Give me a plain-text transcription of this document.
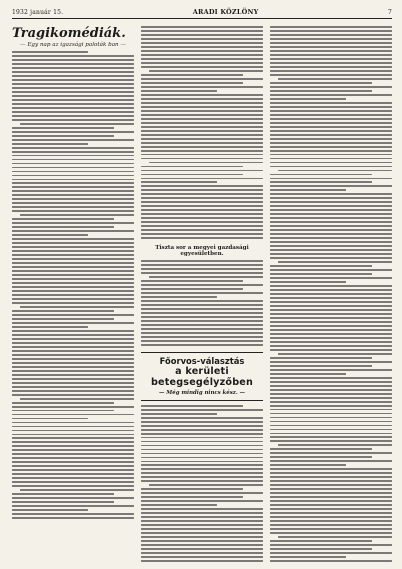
1932 január 15.	ARADI KÖZLÖNY	7
Tragikomédiák.
— Egy nap az igazsági paloták ban —
Tiszta sor a megyei gazdasági egyesületben.
Főorvos-választás
a kerületi betegsegélyzőben
— Még mindig nincs kész. —
